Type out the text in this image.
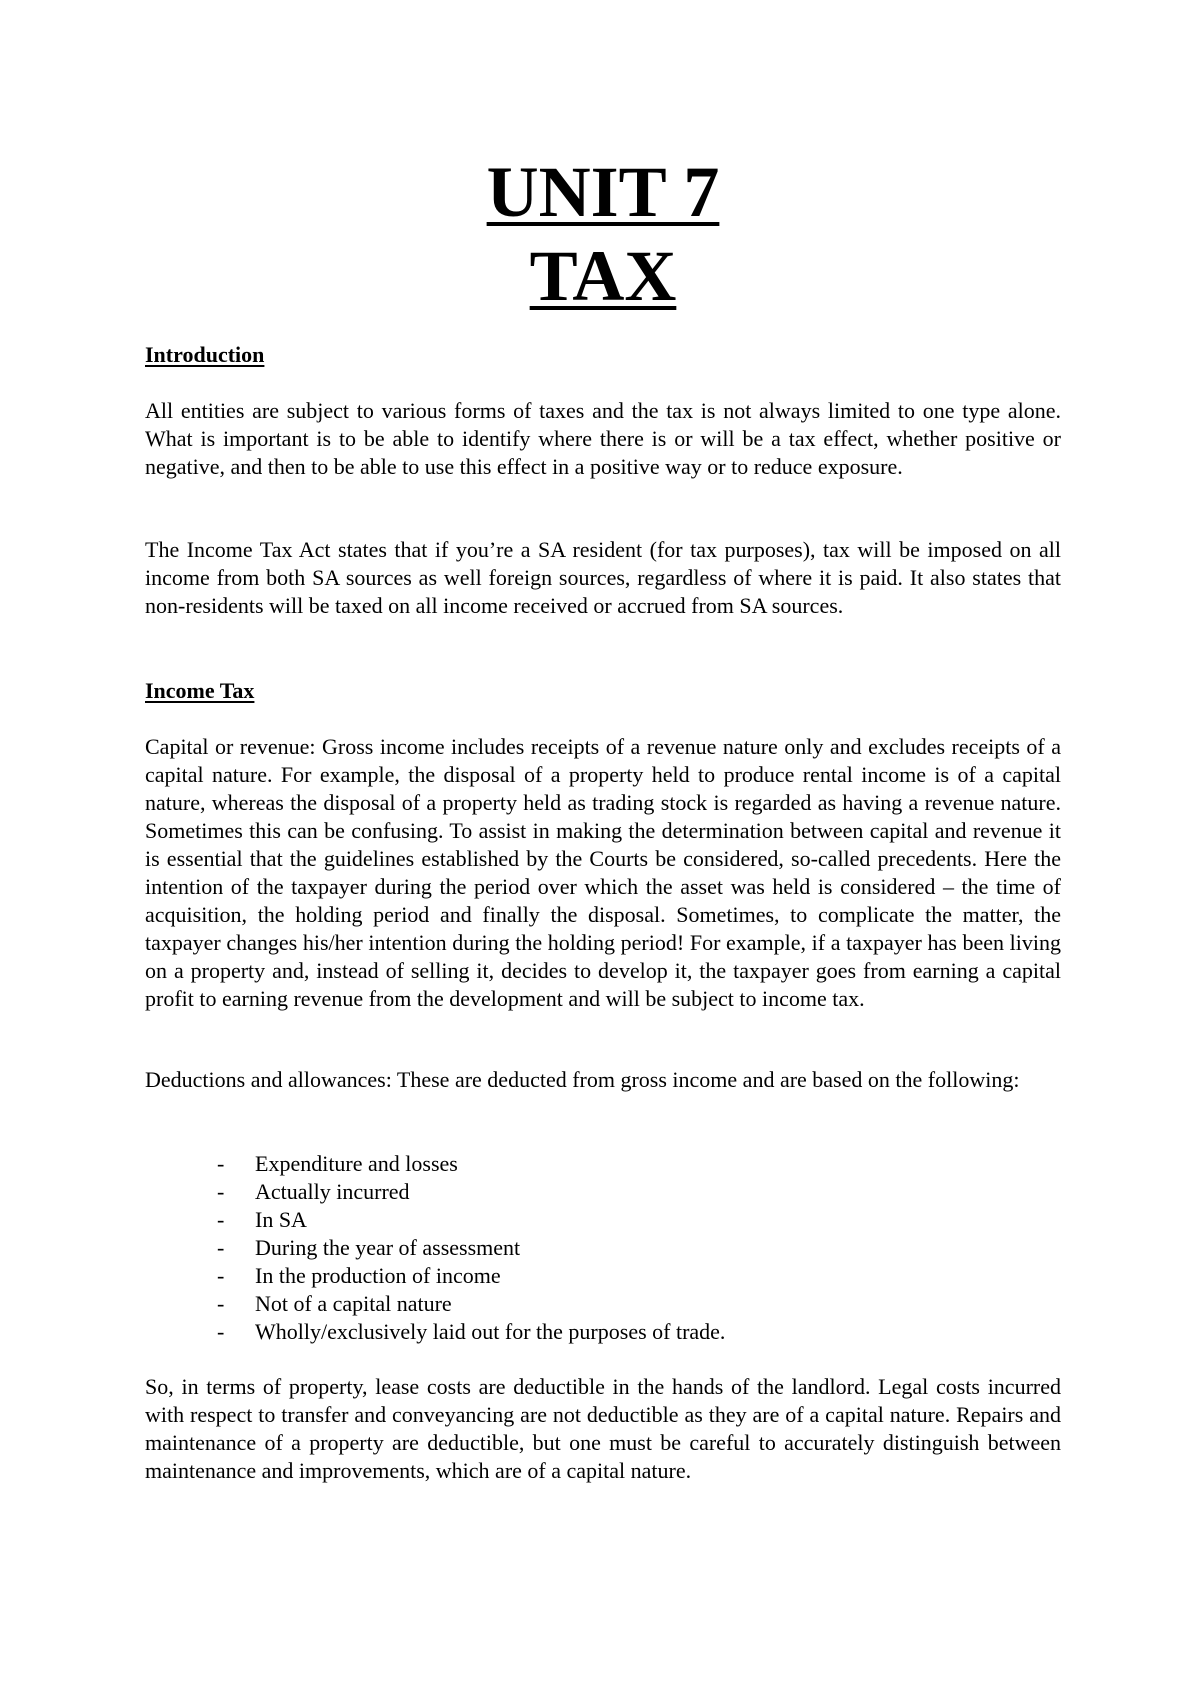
UNIT 7
TAX
Introduction

All entities are subject to various forms of taxes and the tax is not always limited to one type alone. What is important is to be able to identify where there is or will be a tax effect, whether positive or negative, and then to be able to use this effect in a positive way or to reduce exposure.

The Income Tax Act states that if you’re a SA resident (for tax purposes), tax will be imposed on all income from both SA sources as well foreign sources, regardless of where it is paid. It also states that non-residents will be taxed on all income received or accrued from SA sources.

Income Tax

Capital or revenue: Gross income includes receipts of a revenue nature only and excludes receipts of a capital nature. For example, the disposal of a property held to produce rental income is of a capital nature, whereas the disposal of a property held as trading stock is regarded as having a revenue nature. Sometimes this can be confusing. To assist in making the determination between capital and revenue it is essential that the guidelines established by the Courts be considered, so-called precedents. Here the intention of the taxpayer during the period over which the asset was held is considered – the time of acquisition, the holding period and finally the disposal. Sometimes, to complicate the matter, the taxpayer changes his/her intention during the holding period! For example, if a taxpayer has been living on a property and, instead of selling it, decides to develop it, the taxpayer goes from earning a capital profit to earning revenue from the development and will be subject to income tax.

Deductions and allowances: These are deducted from gross income and are based on the following:

- Expenditure and losses
- Actually incurred
- In SA
- During the year of assessment
- In the production of income
- Not of a capital nature
- Wholly/exclusively laid out for the purposes of trade.

So, in terms of property, lease costs are deductible in the hands of the landlord. Legal costs incurred with respect to transfer and conveyancing are not deductible as they are of a capital nature. Repairs and maintenance of a property are deductible, but one must be careful to accurately distinguish between maintenance and improvements, which are of a capital nature.
